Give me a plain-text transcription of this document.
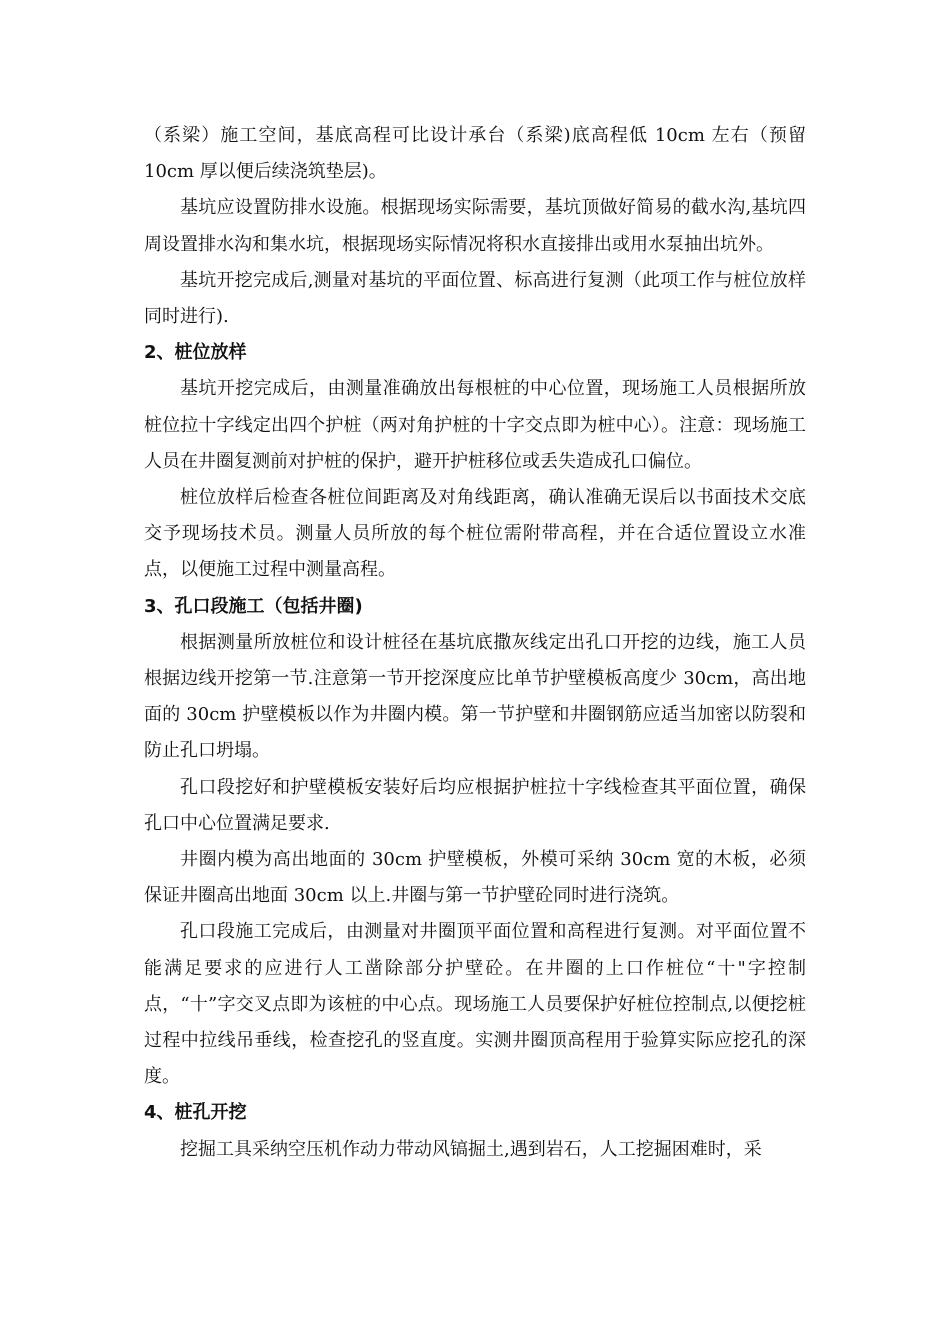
（系梁）施工空间，基底高程可比设计承台（系梁)底高程低 10cm 左右（预留 10cm 厚以便后续浇筑垫层)。

基坑应设置防排水设施。根据现场实际需要，基坑顶做好简易的截水沟,基坑四周设置排水沟和集水坑，根据现场实际情况将积水直接排出或用水泵抽出坑外。

基坑开挖完成后,测量对基坑的平面位置、标高进行复测（此项工作与桩位放样同时进行).

2、桩位放样

基坑开挖完成后，由测量准确放出每根桩的中心位置，现场施工人员根据所放桩位拉十字线定出四个护桩（两对角护桩的十字交点即为桩中心）。注意：现场施工人员在井圈复测前对护桩的保护，避开护桩移位或丢失造成孔口偏位。

桩位放样后检查各桩位间距离及对角线距离，确认准确无误后以书面技术交底交予现场技术员。测量人员所放的每个桩位需附带高程，并在合适位置设立水准点，以便施工过程中测量高程。

3、孔口段施工（包括井圈)

根据测量所放桩位和设计桩径在基坑底撒灰线定出孔口开挖的边线，施工人员根据边线开挖第一节.注意第一节开挖深度应比单节护壁模板高度少 30cm，高出地面的 30cm 护壁模板以作为井圈内模。第一节护壁和井圈钢筋应适当加密以防裂和防止孔口坍塌。

孔口段挖好和护壁模板安装好后均应根据护桩拉十字线检查其平面位置，确保孔口中心位置满足要求.

井圈内模为高出地面的 30cm 护壁模板，外模可采纳 30cm 宽的木板，必须保证井圈高出地面 30cm 以上.井圈与第一节护壁砼同时进行浇筑。

孔口段施工完成后，由测量对井圈顶平面位置和高程进行复测。对平面位置不能满足要求的应进行人工凿除部分护壁砼。在井圈的上口作桩位“十"字控制点，“十”字交叉点即为该桩的中心点。现场施工人员要保护好桩位控制点,以便挖桩过程中拉线吊垂线，检查挖孔的竖直度。实测井圈顶高程用于验算实际应挖孔的深度。

4、桩孔开挖

挖掘工具采纳空压机作动力带动风镐掘土,遇到岩石，人工挖掘困难时，采
